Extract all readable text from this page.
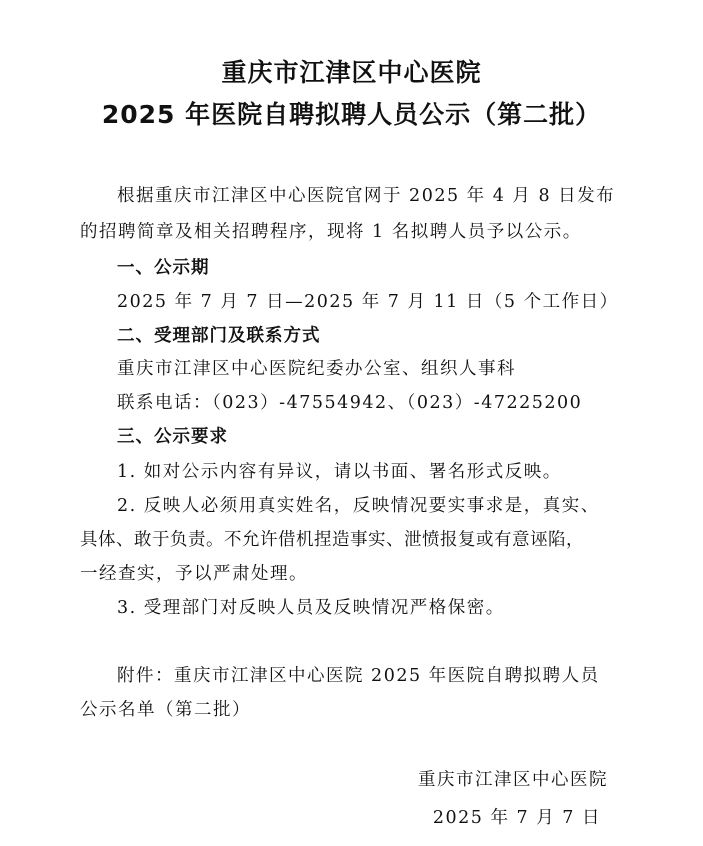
重庆市江津区中心医院
2025 年医院自聘拟聘人员公示（第二批）
根据重庆市江津区中心医院官网于 2025 年 4 月 8 日发布
的招聘简章及相关招聘程序，现将 1 名拟聘人员予以公示。
一、公示期
2025 年 7 月 7 日—2025 年 7 月 11 日（5 个工作日）
二、受理部门及联系方式
重庆市江津区中心医院纪委办公室、组织人事科
联系电话：（023）-47554942、（023）-47225200
三、公示要求
1. 如对公示内容有异议，请以书面、署名形式反映。
2. 反映人必须用真实姓名，反映情况要实事求是，真实、
具体、敢于负责。不允许借机捏造事实、泄愤报复或有意诬陷，
一经查实，予以严肃处理。
3. 受理部门对反映人员及反映情况严格保密。
附件：重庆市江津区中心医院 2025 年医院自聘拟聘人员
公示名单（第二批）
重庆市江津区中心医院
2025 年 7 月 7 日
